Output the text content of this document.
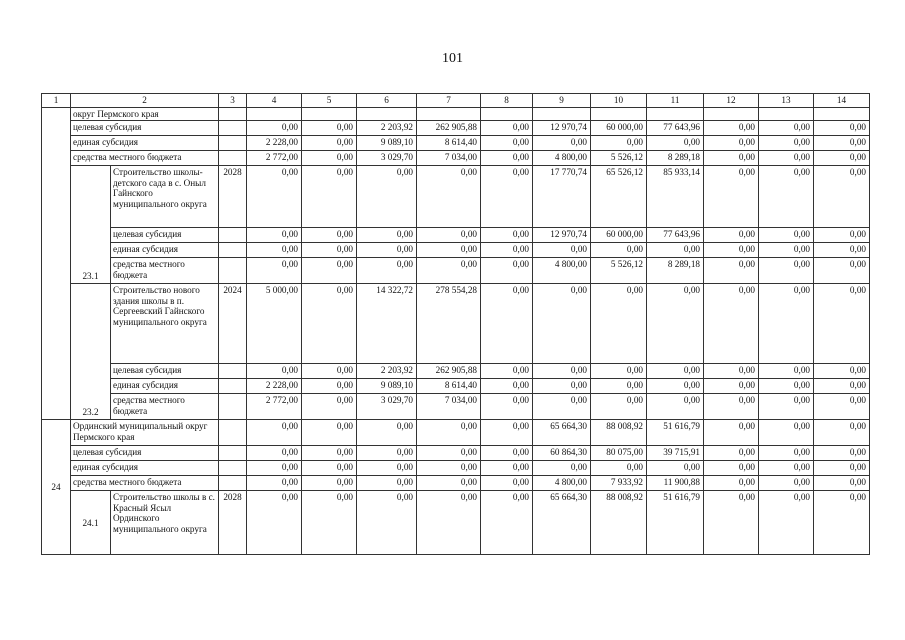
101
1	2		3	4	5	6	7	8	9	10	11	12	13	14
	округ Пермского края													
	целевая субсидия			0,00	0,00	2 203,92	262 905,88	0,00	12 970,74	60 000,00	77 643,96	0,00	0,00	0,00
	единая субсидия			2 228,00	0,00	9 089,10	8 614,40	0,00	0,00	0,00	0,00	0,00	0,00	0,00
	средства местного бюджета			2 772,00	0,00	3 029,70	7 034,00	0,00	4 800,00	5 526,12	8 289,18	0,00	0,00	0,00
	23.1	Строительство школы-детского сада в с. Оныл Гайнского муниципального округа	2028	0,00	0,00	0,00	0,00	0,00	17 770,74	65 526,12	85 933,14	0,00	0,00	0,00
		целевая субсидия		0,00	0,00	0,00	0,00	0,00	12 970,74	60 000,00	77 643,96	0,00	0,00	0,00
		единая субсидия		0,00	0,00	0,00	0,00	0,00	0,00	0,00	0,00	0,00	0,00	0,00
		средства местного бюджета		0,00	0,00	0,00	0,00	0,00	4 800,00	5 526,12	8 289,18	0,00	0,00	0,00
	23.2	Строительство нового здания школы в п. Сергеевский Гайнского муниципального округа	2024	5 000,00	0,00	14 322,72	278 554,28	0,00	0,00	0,00	0,00	0,00	0,00	0,00
		целевая субсидия		0,00	0,00	2 203,92	262 905,88	0,00	0,00	0,00	0,00	0,00	0,00	0,00
		единая субсидия		2 228,00	0,00	9 089,10	8 614,40	0,00	0,00	0,00	0,00	0,00	0,00	0,00
		средства местного бюджета		2 772,00	0,00	3 029,70	7 034,00	0,00	0,00	0,00	0,00	0,00	0,00	0,00
24	Ординский муниципальный округ Пермского края			0,00	0,00	0,00	0,00	0,00	65 664,30	88 008,92	51 616,79	0,00	0,00	0,00
	целевая субсидия			0,00	0,00	0,00	0,00	0,00	60 864,30	80 075,00	39 715,91	0,00	0,00	0,00
	единая субсидия			0,00	0,00	0,00	0,00	0,00	0,00	0,00	0,00	0,00	0,00	0,00
	средства местного бюджета			0,00	0,00	0,00	0,00	0,00	4 800,00	7 933,92	11 900,88	0,00	0,00	0,00
	24.1	Строительство школы в с. Красный Ясыл Ординского муниципального округа	2028	0,00	0,00	0,00	0,00	0,00	65 664,30	88 008,92	51 616,79	0,00	0,00	0,00
